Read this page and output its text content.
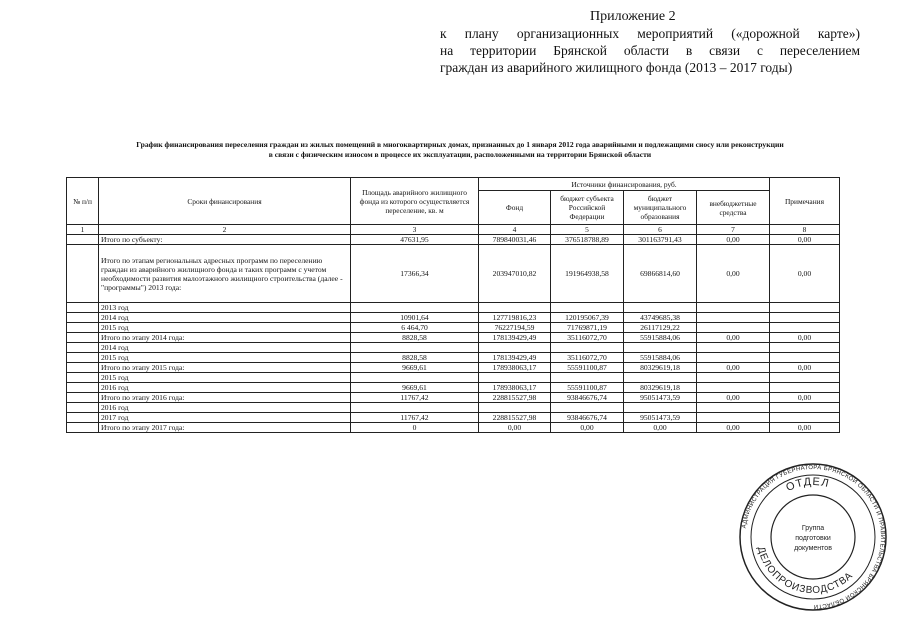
Приложение 2
к плану организационных мероприятий («дорожной карте»)
на территории Брянской области в связи с переселением
граждан из аварийного жилищного фонда (2013 – 2017 годы)
График финансирования переселения граждан из жилых помещений в многоквартирных домах, признанных до 1 января 2012 года аварийными и подлежащими сносу или реконструкции
в связи с физическим износом в процессе их эксплуатации, расположенными на территории Брянской области
№ п/п	Сроки финансирования	Площадь аварийного жилищного фонда из которого осуществляется переселение, кв. м	Источники финансирования, руб.				Примечания
			Фонд	бюджет субъекта Российской Федерации	бюджет муниципального образования	внебюджетные средства	
1	2	3	4	5	6	7	8
	Итого по субъекту:	47631,95	789840031,46	376518788,89	301163791,43	0,00	0,00
	Итого по этапам региональных адресных программ по переселению граждан из аварийного жилищного фонда и таких программ с учетом необходимости развития малоэтажного жилищного строительства (далее - "программы") 2013 года:	17366,34	203947010,82	191964938,58	69866814,60	0,00	0,00
	2013 год						
	2014 год	10901,64	127719816,23	120195067,39	43749685,38		
	2015 год	6 464,70	76227194,59	71769871,19	26117129,22		
	Итого по этапу 2014 года:	8828,58	178139429,49	35116072,70	55915884,06	0,00	0,00
	2014 год						
	2015 год	8828,58	178139429,49	35116072,70	55915884,06		
	Итого по этапу 2015 года:	9669,61	178938063,17	55591100,87	80329619,18	0,00	0,00
	2015 год						
	2016 год	9669,61	178938063,17	55591100,87	80329619,18		
	Итого по этапу 2016 года:	11767,42	228815527,98	93846676,74	95051473,59	0,00	0,00
	2016 год						
	2017 год	11767,42	228815527,98	93846676,74	95051473,59		
	Итого по этапу 2017 года:	0	0,00	0,00	0,00	0,00	0,00
АДМИНИСТРАЦИЯ ГУБЕРНАТОРА БРЯНСКОЙ ОБЛАСТИ И ПРАВИТЕЛЬСТВА БРЯНСКОЙ ОБЛАСТИ
ОТДЕЛ
ДЕЛОПРОИЗВОДСТВА
Группа
подготовки
документов
